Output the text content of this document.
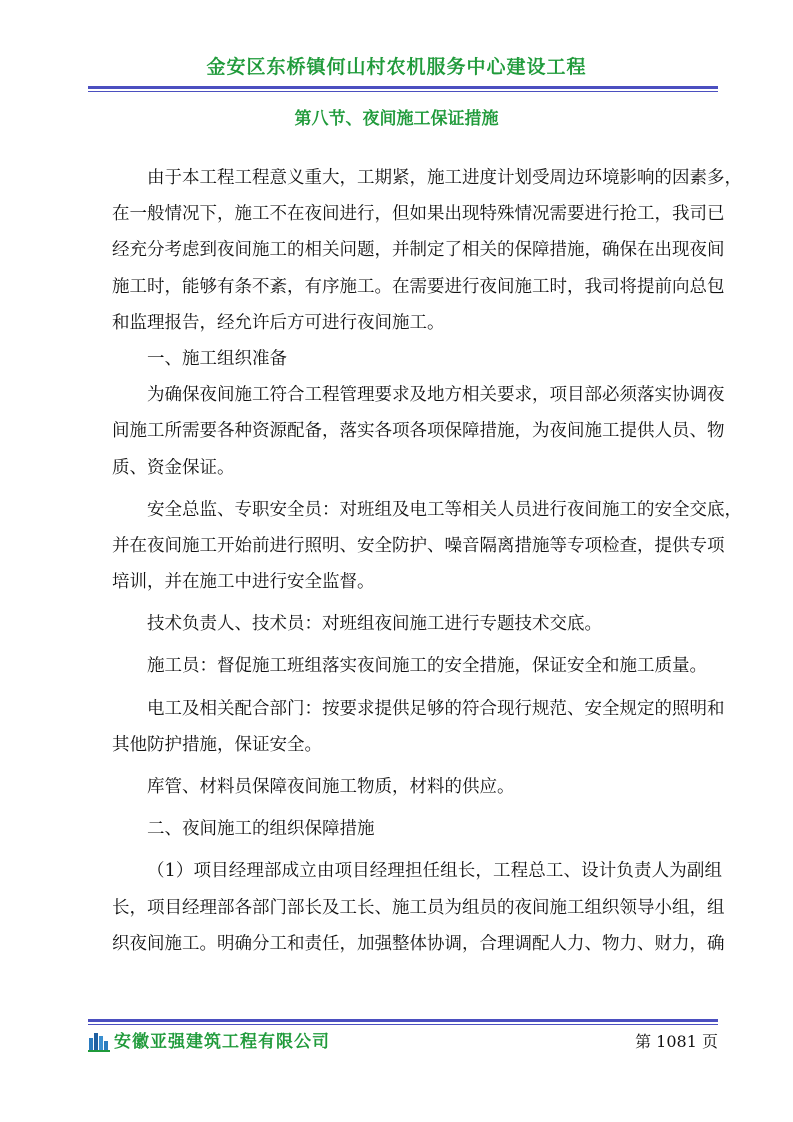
金安区东桥镇何山村农机服务中心建设工程
第八节、夜间施工保证措施
由于本工程工程意义重大，工期紧，施工进度计划受周边环境影响的因素多，
在一般情况下，施工不在夜间进行，但如果出现特殊情况需要进行抢工，我司已
经充分考虑到夜间施工的相关问题，并制定了相关的保障措施，确保在出现夜间
施工时，能够有条不紊，有序施工。在需要进行夜间施工时，我司将提前向总包
和监理报告，经允许后方可进行夜间施工。
一、施工组织准备
为确保夜间施工符合工程管理要求及地方相关要求，项目部必须落实协调夜
间施工所需要各种资源配备，落实各项各项保障措施，为夜间施工提供人员、物
质、资金保证。
安全总监、专职安全员：对班组及电工等相关人员进行夜间施工的安全交底，
并在夜间施工开始前进行照明、安全防护、噪音隔离措施等专项检查，提供专项
培训，并在施工中进行安全监督。
技术负责人、技术员：对班组夜间施工进行专题技术交底。
施工员：督促施工班组落实夜间施工的安全措施，保证安全和施工质量。
电工及相关配合部门：按要求提供足够的符合现行规范、安全规定的照明和
其他防护措施，保证安全。
库管、材料员保障夜间施工物质，材料的供应。
二、夜间施工的组织保障措施
（1）项目经理部成立由项目经理担任组长，工程总工、设计负责人为副组
长，项目经理部各部门部长及工长、施工员为组员的夜间施工组织领导小组，组
织夜间施工。明确分工和责任，加强整体协调，合理调配人力、物力、财力，确
安徽亚强建筑工程有限公司	第 1081 页
